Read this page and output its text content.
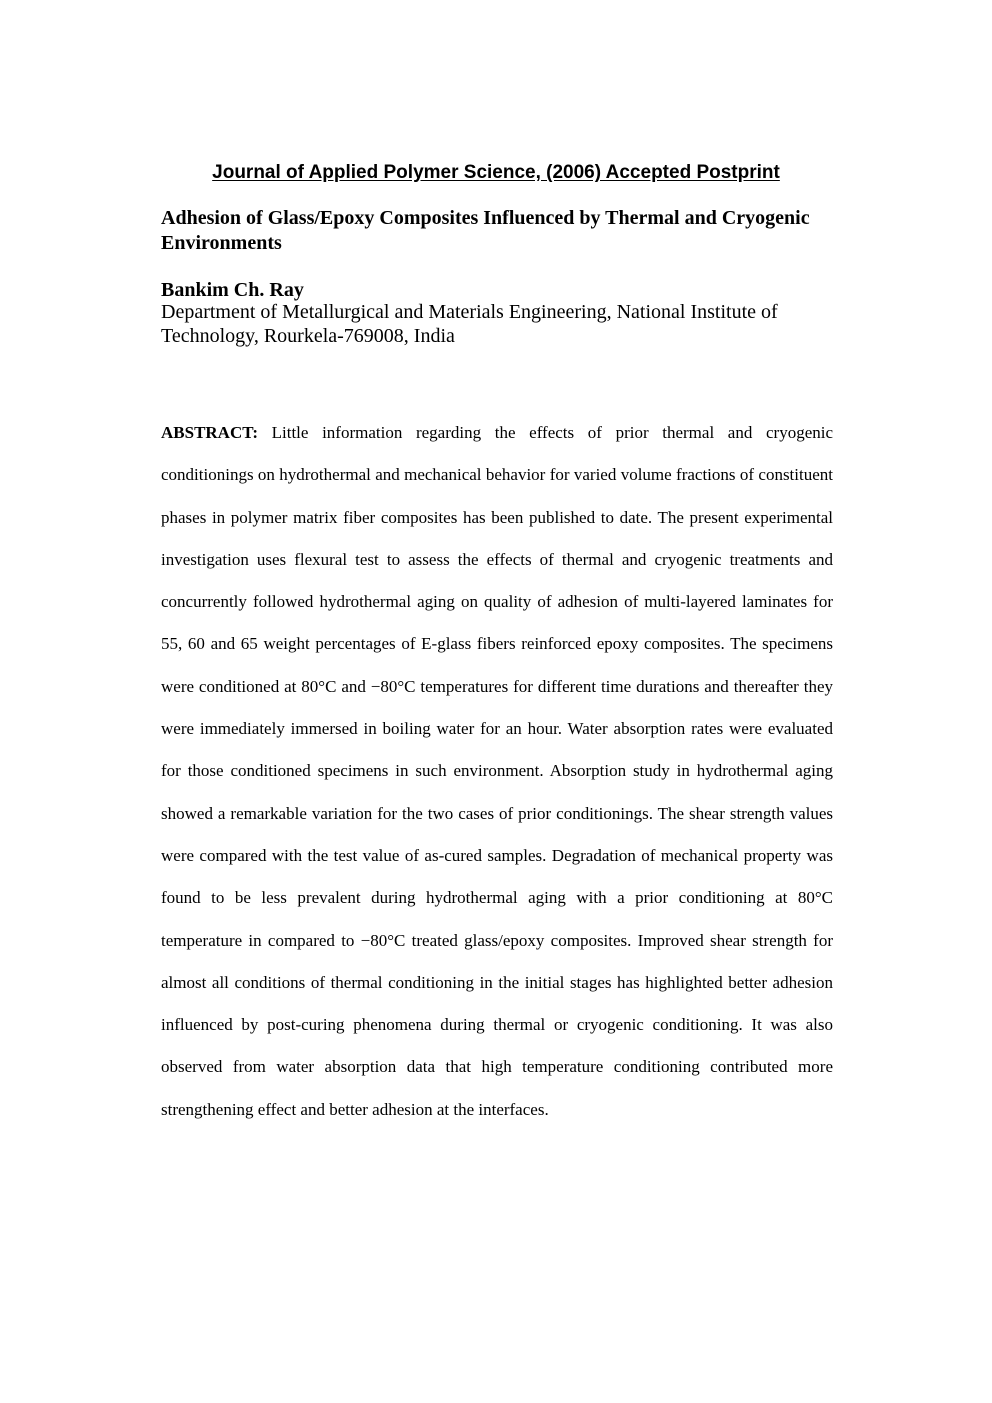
Journal of Applied Polymer Science, (2006) Accepted Postprint
Adhesion of Glass/Epoxy Composites Influenced by Thermal and Cryogenic Environments
Bankim Ch. Ray
Department of Metallurgical and Materials Engineering, National Institute of Technology, Rourkela-769008, India
ABSTRACT: Little information regarding the effects of prior thermal and cryogenic conditionings on hydrothermal and mechanical behavior for varied volume fractions of constituent phases in polymer matrix fiber composites has been published to date. The present experimental investigation uses flexural test to assess the effects of thermal and cryogenic treatments and concurrently followed hydrothermal aging on quality of adhesion of multi-layered laminates for 55, 60 and 65 weight percentages of E-glass fibers reinforced epoxy composites. The specimens were conditioned at 80°C and −80°C temperatures for different time durations and thereafter they were immediately immersed in boiling water for an hour. Water absorption rates were evaluated for those conditioned specimens in such environment. Absorption study in hydrothermal aging showed a remarkable variation for the two cases of prior conditionings. The shear strength values were compared with the test value of as-cured samples. Degradation of mechanical property was found to be less prevalent during hydrothermal aging with a prior conditioning at 80°C temperature in compared to −80°C treated glass/epoxy composites. Improved shear strength for almost all conditions of thermal conditioning in the initial stages has highlighted better adhesion influenced by post-curing phenomena during thermal or cryogenic conditioning. It was also observed from water absorption data that high temperature conditioning contributed more strengthening effect and better adhesion at the interfaces.
